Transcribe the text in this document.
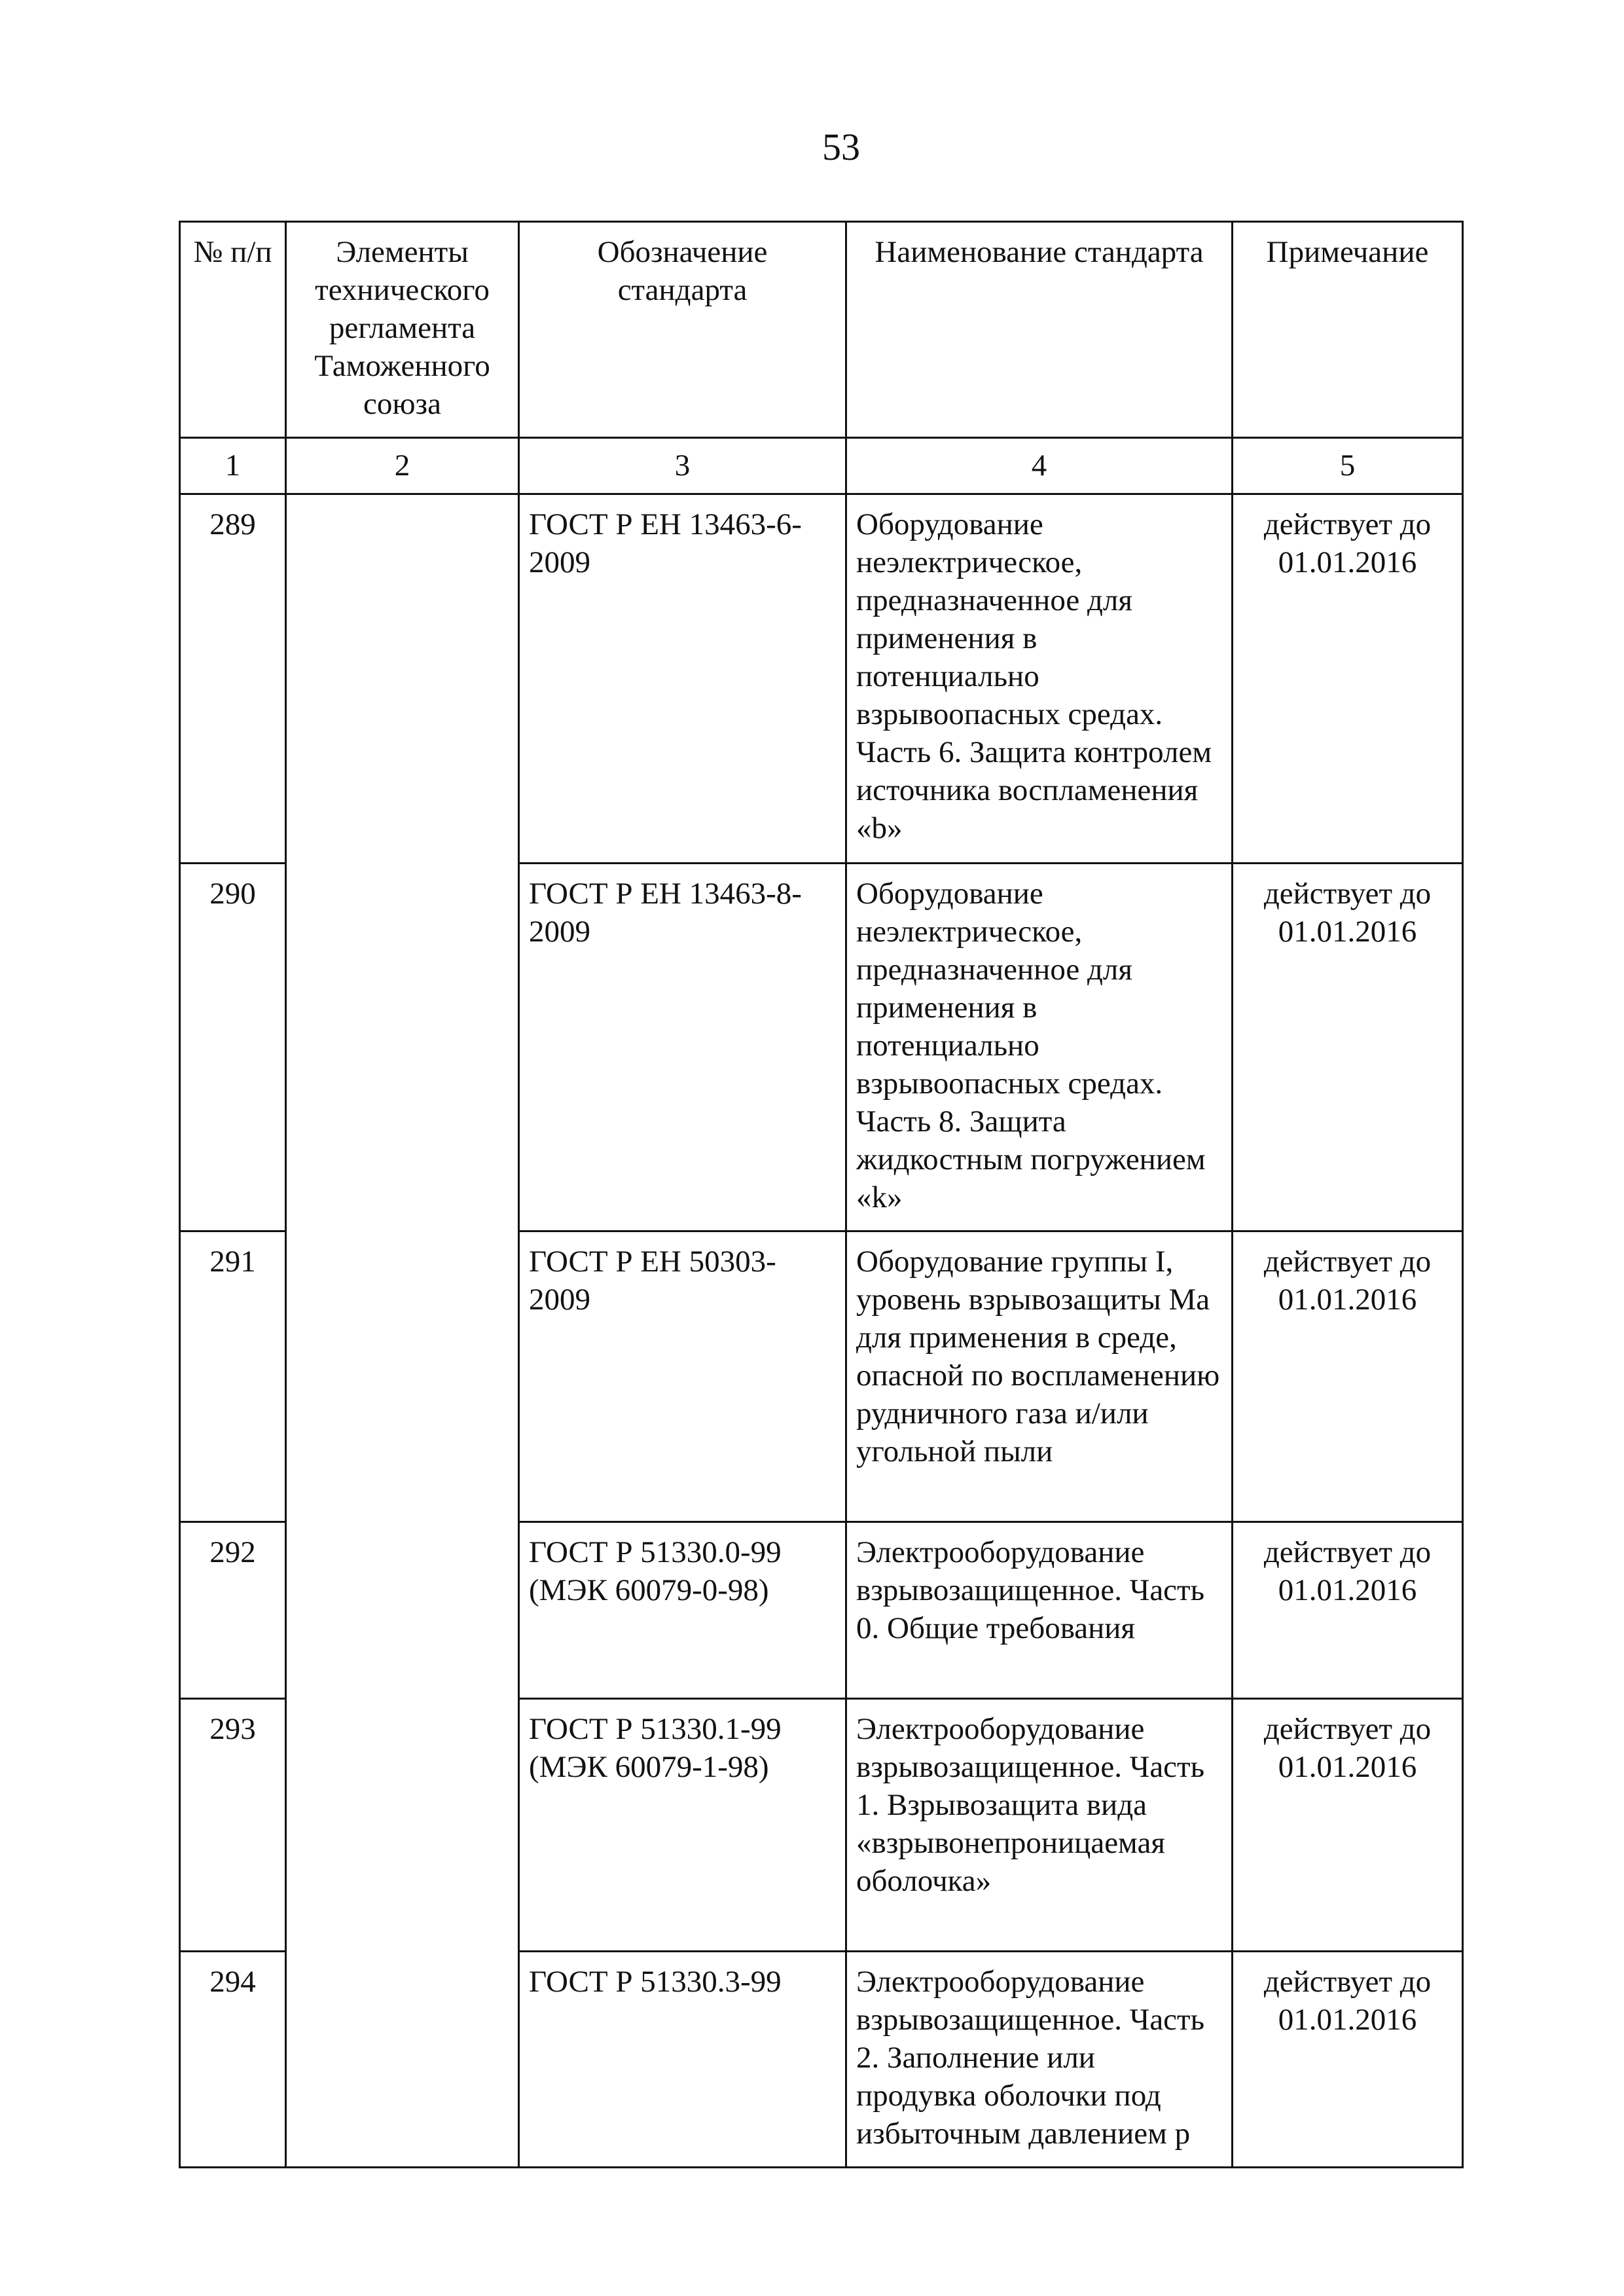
53
№ п/п	Элементы технического регламента Таможенного союза	Обозначение стандарта	Наименование стандарта	Примечание
1	2	3	4	5
289		ГОСТ Р ЕН 13463-6-2009	Оборудование неэлектрическое, предназначенное для применения в потенциально взрывоопасных средах. Часть 6. Защита контролем источника воспламенения «b»	действует до 01.01.2016
290		ГОСТ Р ЕН 13463-8-2009	Оборудование неэлектрическое, предназначенное для применения в потенциально взрывоопасных средах. Часть 8. Защита жидкостным погружением «k»	действует до 01.01.2016
291		ГОСТ Р ЕН 50303-2009	Оборудование группы I, уровень взрывозащиты Ма для применения в среде, опасной по воспламенению рудничного газа и/или угольной пыли	действует до 01.01.2016
292		ГОСТ Р 51330.0-99 (МЭК 60079-0-98)	Электрооборудование взрывозащищенное. Часть 0. Общие требования	действует до 01.01.2016
293		ГОСТ Р 51330.1-99 (МЭК 60079-1-98)	Электрооборудование взрывозащищенное. Часть 1. Взрывозащита вида «взрывонепроницаемая оболочка»	действует до 01.01.2016
294		ГОСТ Р 51330.3-99	Электрооборудование взрывозащищенное. Часть 2. Заполнение или продувка оболочки под избыточным давлением р	действует до 01.01.2016
